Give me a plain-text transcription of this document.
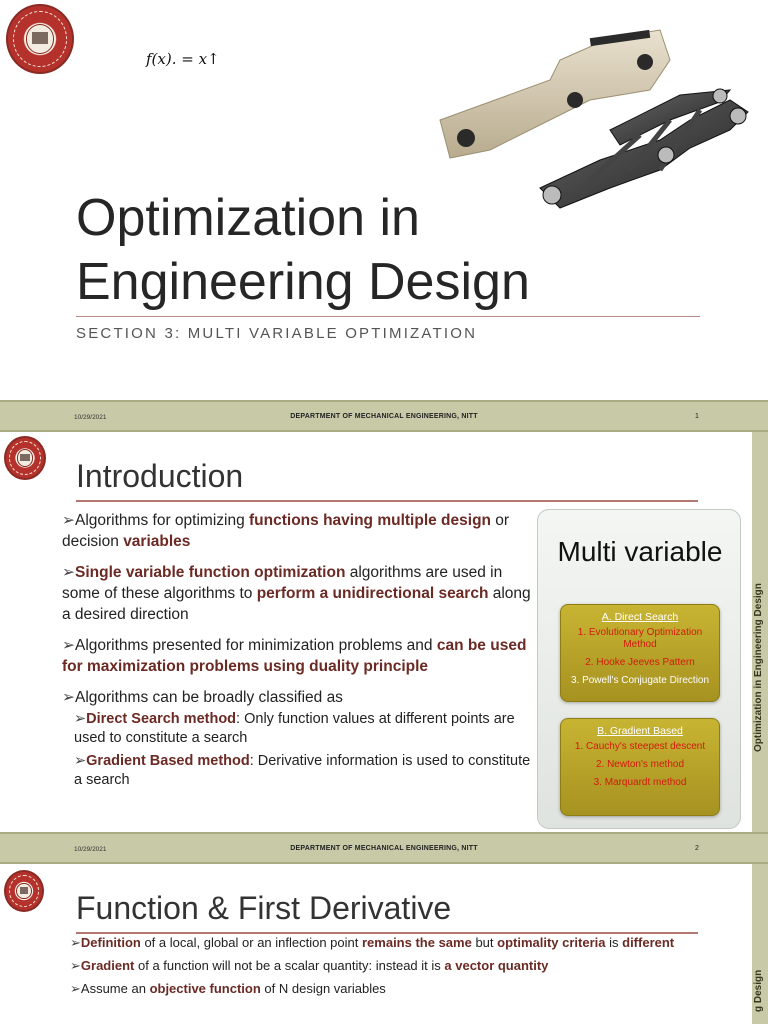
f(x). = x↑
Optimization in
Engineering Design
SECTION 3: MULTI VARIABLE OPTIMIZATION
10/29/2021	DEPARTMENT OF MECHANICAL ENGINEERING, NITT	1
Introduction

➢Algorithms for optimizing functions having multiple design or decision variables

➢Single variable function optimization algorithms are used in some of these algorithms to perform a unidirectional search along a desired direction

➢Algorithms presented for minimization problems and can be used for maximization problems using duality principle

➢Algorithms can be broadly classified as

➢Direct Search method: Only function values at different points are used to constitute a search

➢Gradient Based method: Derivative information is used to constitute a search

Multi variable
A. Direct Search
1. Evolutionary Optimization Method
2. Hooke Jeeves Pattern
3. Powell's Conjugate Direction
B. Gradient Based
1. Cauchy's steepest descent
2. Newton's method
3. Marquardt method
10/29/2021	DEPARTMENT OF MECHANICAL ENGINEERING, NITT	2
Function & First Derivative

➢Definition of a local, global or an inflection point remains the same but optimality criteria is different

➢Gradient of a function will not be a scalar quantity: instead it is a vector quantity

➢Assume an objective function of N design variables	g Design
